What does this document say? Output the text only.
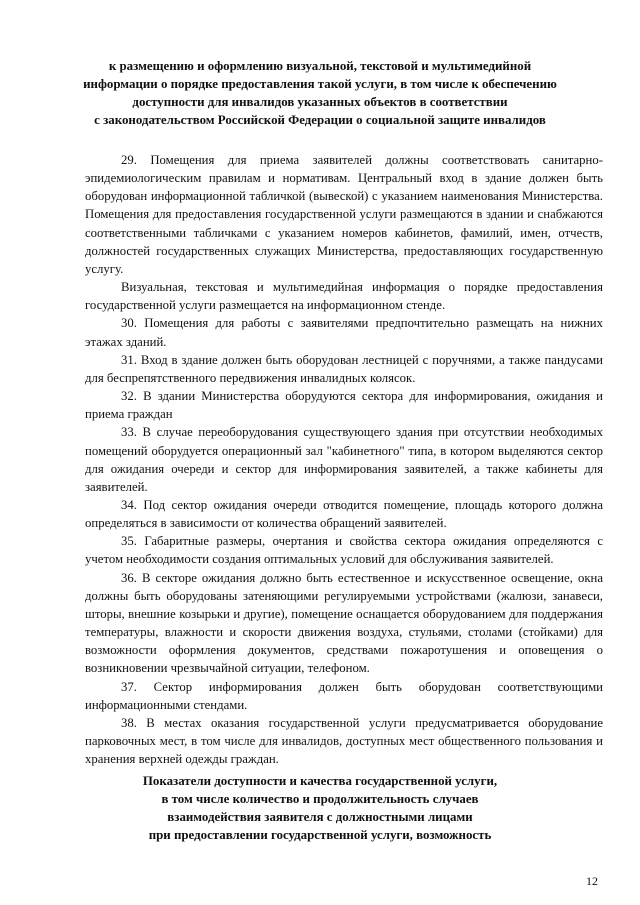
к размещению и оформлению визуальной, текстовой и мультимедийной
информации о порядке предоставления такой услуги, в том числе к обеспечению
доступности для инвалидов указанных объектов в соответствии
с законодательством Российской Федерации о социальной защите инвалидов

29. Помещения для приема заявителей должны соответствовать санитарно-эпидемиологическим правилам и нормативам. Центральный вход в здание должен быть оборудован информационной табличкой (вывеской) с указанием наименования Министерства. Помещения для предоставления государственной услуги размещаются в здании и снабжаются соответственными табличками с указанием номеров кабинетов, фамилий, имен, отчеств, должностей государственных служащих Министерства, предоставляющих государственную услугу.

Визуальная, текстовая и мультимедийная информация о порядке предоставления государственной услуги размещается на информационном стенде.

30. Помещения для работы с заявителями предпочтительно размещать на нижних этажах зданий.

31. Вход в здание должен быть оборудован лестницей с поручнями, а также пандусами для беспрепятственного передвижения инвалидных колясок.

32. В здании Министерства оборудуются сектора для информирования, ожидания и приема граждан

33. В случае переоборудования существующего здания при отсутствии необходимых помещений оборудуется операционный зал "кабинетного" типа, в котором выделяются сектор для ожидания очереди и сектор для информирования заявителей, а также кабинеты для заявителей.

34. Под сектор ожидания очереди отводится помещение, площадь которого должна определяться в зависимости от количества обращений заявителей.

35. Габаритные размеры, очертания и свойства сектора ожидания определяются с учетом необходимости создания оптимальных условий для обслуживания заявителей.

36. В секторе ожидания должно быть естественное и искусственное освещение, окна должны быть оборудованы затеняющими регулируемыми устройствами (жалюзи, занавеси, шторы, внешние козырьки и другие), помещение оснащается оборудованием для поддержания температуры, влажности и скорости движения воздуха, стульями, столами (стойками) для возможности оформления документов, средствами пожаротушения и оповещения о возникновении чрезвычайной ситуации, телефоном.

37. Сектор информирования должен быть оборудован соответствующими информационными стендами.

38. В местах оказания государственной услуги предусматривается оборудование парковочных мест, в том числе для инвалидов, доступных мест общественного пользования и хранения верхней одежды граждан.

Показатели доступности и качества государственной услуги,
в том числе количество и продолжительность случаев
взаимодействия заявителя с должностными лицами
при предоставлении государственной услуги, возможность
12
